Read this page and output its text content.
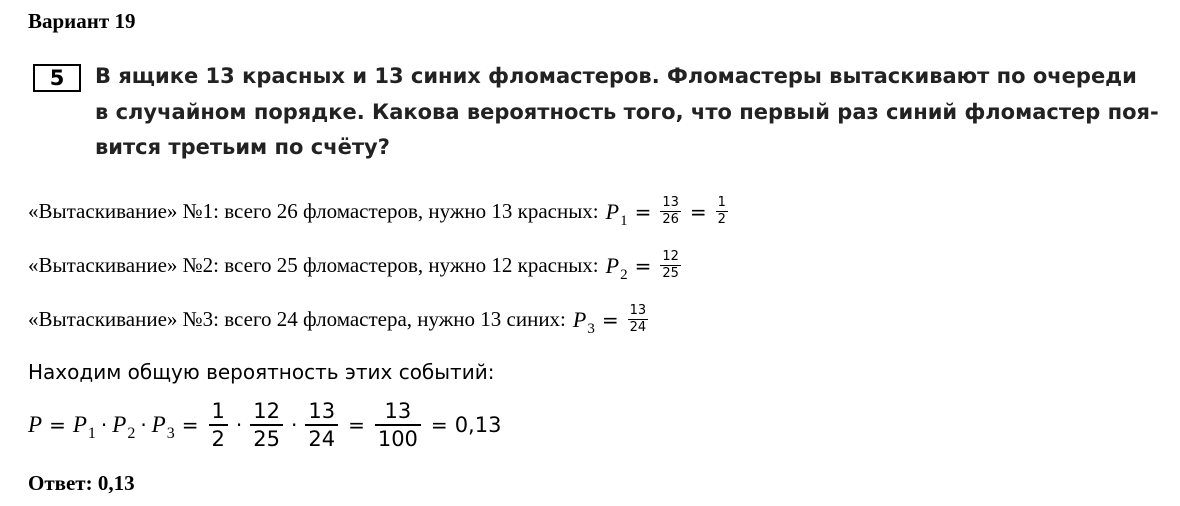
Вариант 19
5	В ящике 13 красных и 13 синих фломастеров. Фломастеры вытаскивают по очереди
в случайном порядке. Какова вероятность того, что первый раз синий фломастер поя-
вится третьим по счёту?
«Вытаскивание» №1: всего 26 фломастеров, нужно 13 красных: $P_1 = \frac{13}{26} = \frac{1}{2}$
«Вытаскивание» №2: всего 25 фломастеров, нужно 12 красных: $P_2 = \frac{12}{25}$
«Вытаскивание» №3: всего 24 фломастера, нужно 13 синих: $P_3 = \frac{13}{24}$
Находим общую вероятность этих событий:
$P = P_1 \cdot P_2 \cdot P_3 = \frac{1}{2} \cdot \frac{12}{25} \cdot \frac{13}{24} = \frac{13}{100} = 0,13$
Ответ: 0,13
